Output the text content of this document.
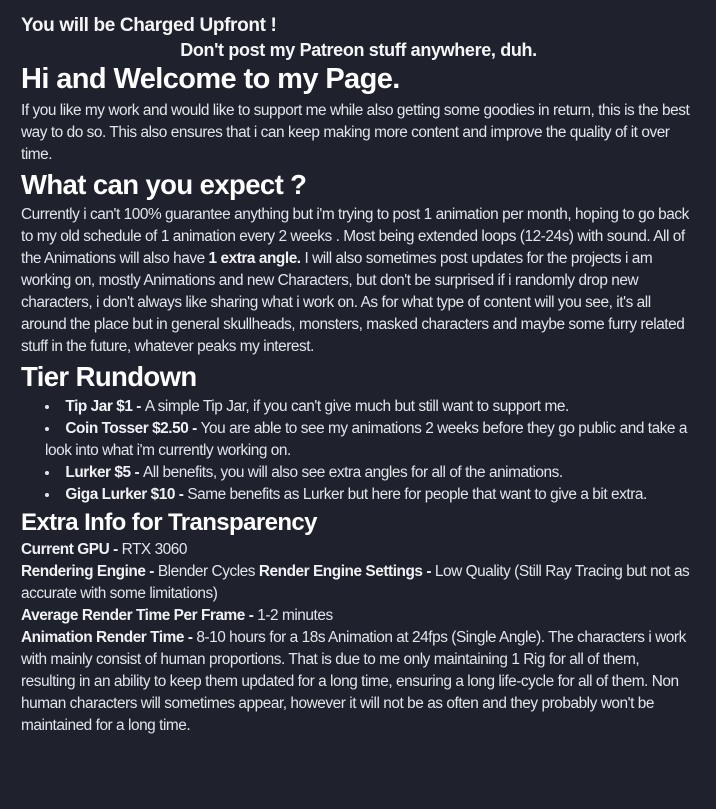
You will be Charged Upfront !

Don't post my Patreon stuff anywhere, duh.

Hi and Welcome to my Page.

If you like my work and would like to support me while also getting some goodies in return, this is the best way to do so. This also ensures that i can keep making more content and improve the quality of it over time.

What can you expect ?

Currently i can't 100% guarantee anything but i'm trying to post 1 animation per month, hoping to go back to my old schedule of 1 animation every 2 weeks . Most being extended loops (12-24s) with sound. All of the Animations will also have 1 extra angle. I will also sometimes post updates for the projects i am working on, mostly Animations and new Characters, but don't be surprised if i randomly drop new characters, i don't always like sharing what i work on. As for what type of content will you see, it's all around the place but in general skullheads, monsters, masked characters and maybe some furry related stuff in the future, whatever peaks my interest.

Tier Rundown
• Tip Jar $1 - A simple Tip Jar, if you can't give much but still want to support me.
• Coin Tosser $2.50 - You are able to see my animations 2 weeks before they go public and take a look into what i'm currently working on.
• Lurker $5 - All benefits, you will also see extra angles for all of the animations.
• Giga Lurker $10 - Same benefits as Lurker but here for people that want to give a bit extra.
Extra Info for Transparency

Current GPU - RTX 3060

Rendering Engine - Blender Cycles Render Engine Settings - Low Quality (Still Ray Tracing but not as accurate with some limitations)

Average Render Time Per Frame - 1-2 minutes

Animation Render Time - 8-10 hours for a 18s Animation at 24fps (Single Angle). The characters i work with mainly consist of human proportions. That is due to me only maintaining 1 Rig for all of them, resulting in an ability to keep them updated for a long time, ensuring a long life-cycle for all of them. Non human characters will sometimes appear, however it will not be as often and they probably won't be maintained for a long time.
